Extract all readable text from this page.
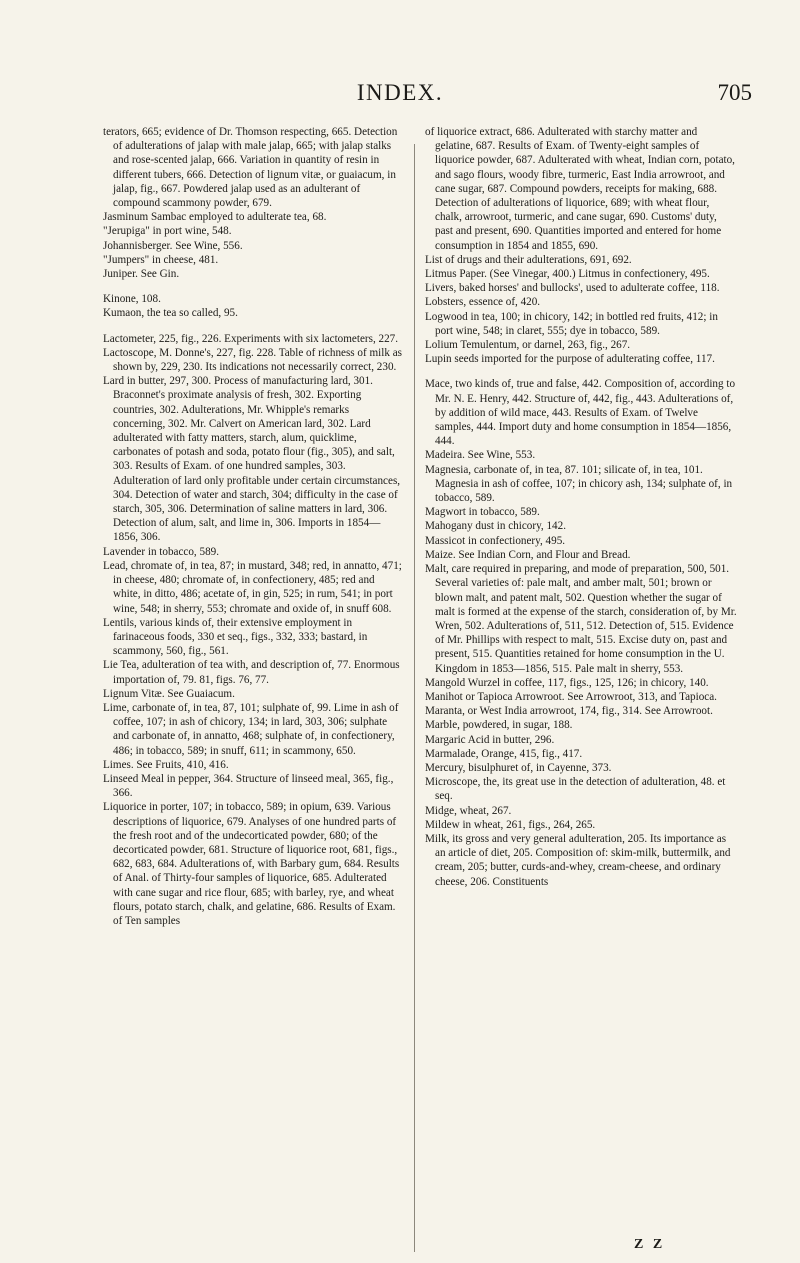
INDEX.	705

terators, 665; evidence of Dr. Thomson respecting, 665. Detection of adulterations of jalap with male jalap, 665; with jalap stalks and rose-scented jalap, 666. Variation in quantity of resin in different tubers, 666. Detection of lignum vitæ, or guaiacum, in jalap, fig., 667. Powdered jalap used as an adulterant of compound scammony powder, 679.

Jasminum Sambac employed to adulterate tea, 68.

"Jerupiga" in port wine, 548.

Johannisberger. See Wine, 556.

"Jumpers" in cheese, 481.

Juniper. See Gin.

Kinone, 108.

Kumaon, the tea so called, 95.

Lactometer, 225, fig., 226. Experiments with six lactometers, 227.

Lactoscope, M. Donne's, 227, fig. 228. Table of richness of milk as shown by, 229, 230. Its indications not necessarily correct, 230.

Lard in butter, 297, 300. Process of manufacturing lard, 301. Braconnet's proximate analysis of fresh, 302. Exporting countries, 302. Adulterations, Mr. Whipple's remarks concerning, 302. Mr. Calvert on American lard, 302. Lard adulterated with fatty matters, starch, alum, quicklime, carbonates of potash and soda, potato flour (fig., 305), and salt, 303. Results of Exam. of one hundred samples, 303. Adulteration of lard only profitable under certain circumstances, 304. Detection of water and starch, 304; difficulty in the case of starch, 305, 306. Determination of saline matters in lard, 306. Detection of alum, salt, and lime in, 306. Imports in 1854—1856, 306.

Lavender in tobacco, 589.

Lead, chromate of, in tea, 87; in mustard, 348; red, in annatto, 471; in cheese, 480; chromate of, in confectionery, 485; red and white, in ditto, 486; acetate of, in gin, 525; in rum, 541; in port wine, 548; in sherry, 553; chromate and oxide of, in snuff 608.

Lentils, various kinds of, their extensive employment in farinaceous foods, 330 et seq., figs., 332, 333; bastard, in scammony, 560, fig., 561.

Lie Tea, adulteration of tea with, and description of, 77. Enormous importation of, 79. 81, figs. 76, 77.

Lignum Vitæ. See Guaiacum.

Lime, carbonate of, in tea, 87, 101; sulphate of, 99. Lime in ash of coffee, 107; in ash of chicory, 134; in lard, 303, 306; sulphate and carbonate of, in annatto, 468; sulphate of, in confectionery, 486; in tobacco, 589; in snuff, 611; in scammony, 650.

Limes. See Fruits, 410, 416.

Linseed Meal in pepper, 364. Structure of linseed meal, 365, fig., 366.

Liquorice in porter, 107; in tobacco, 589; in opium, 639. Various descriptions of liquorice, 679. Analyses of one hundred parts of the fresh root and of the undecorticated powder, 680; of the decorticated powder, 681. Structure of liquorice root, 681, figs., 682, 683, 684. Adulterations of, with Barbary gum, 684. Results of Anal. of Thirty-four samples of liquorice, 685. Adulterated with cane sugar and rice flour, 685; with barley, rye, and wheat flours, potato starch, chalk, and gelatine, 686. Results of Exam. of Ten samples

of liquorice extract, 686. Adulterated with starchy matter and gelatine, 687. Results of Exam. of Twenty-eight samples of liquorice powder, 687. Adulterated with wheat, Indian corn, potato, and sago flours, woody fibre, turmeric, East India arrowroot, and cane sugar, 687. Compound powders, receipts for making, 688. Detection of adulterations of liquorice, 689; with wheat flour, chalk, arrowroot, turmeric, and cane sugar, 690. Customs' duty, past and present, 690. Quantities imported and entered for home consumption in 1854 and 1855, 690.

List of drugs and their adulterations, 691, 692.

Litmus Paper. (See Vinegar, 400.) Litmus in confectionery, 495.

Livers, baked horses' and bullocks', used to adulterate coffee, 118.

Lobsters, essence of, 420.

Logwood in tea, 100; in chicory, 142; in bottled red fruits, 412; in port wine, 548; in claret, 555; dye in tobacco, 589.

Lolium Temulentum, or darnel, 263, fig., 267.

Lupin seeds imported for the purpose of adulterating coffee, 117.

Mace, two kinds of, true and false, 442. Composition of, according to Mr. N. E. Henry, 442. Structure of, 442, fig., 443. Adulterations of, by addition of wild mace, 443. Results of Exam. of Twelve samples, 444. Import duty and home consumption in 1854—1856, 444.

Madeira. See Wine, 553.

Magnesia, carbonate of, in tea, 87. 101; silicate of, in tea, 101. Magnesia in ash of coffee, 107; in chicory ash, 134; sulphate of, in tobacco, 589.

Magwort in tobacco, 589.

Mahogany dust in chicory, 142.

Massicot in confectionery, 495.

Maize. See Indian Corn, and Flour and Bread.

Malt, care required in preparing, and mode of preparation, 500, 501. Several varieties of: pale malt, and amber malt, 501; brown or blown malt, and patent malt, 502. Question whether the sugar of malt is formed at the expense of the starch, consideration of, by Mr. Wren, 502. Adulterations of, 511, 512. Detection of, 515. Evidence of Mr. Phillips with respect to malt, 515. Excise duty on, past and present, 515. Quantities retained for home consumption in the U. Kingdom in 1853—1856, 515. Pale malt in sherry, 553.

Mangold Wurzel in coffee, 117, figs., 125, 126; in chicory, 140.

Manihot or Tapioca Arrowroot. See Arrowroot, 313, and Tapioca.

Maranta, or West India arrowroot, 174, fig., 314. See Arrowroot.

Marble, powdered, in sugar, 188.

Margaric Acid in butter, 296.

Marmalade, Orange, 415, fig., 417.

Mercury, bisulphuret of, in Cayenne, 373.

Microscope, the, its great use in the detection of adulteration, 48. et seq.

Midge, wheat, 267.

Mildew in wheat, 261, figs., 264, 265.

Milk, its gross and very general adulteration, 205. Its importance as an article of diet, 205. Composition of: skim-milk, buttermilk, and cream, 205; butter, curds-and-whey, cream-cheese, and ordinary cheese, 206. Constituents

Z Z
